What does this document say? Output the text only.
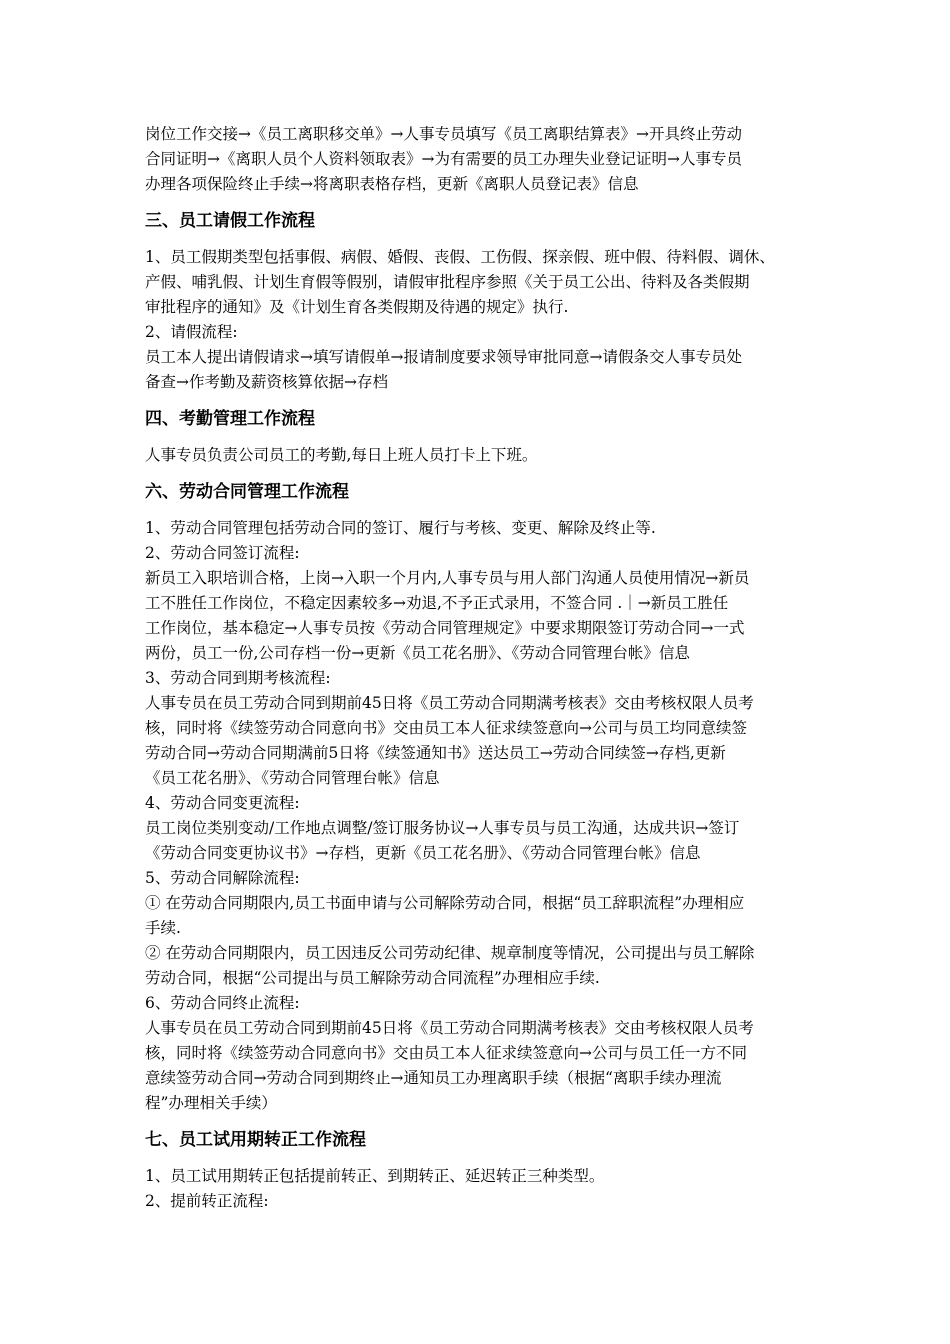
岗位工作交接→《员工离职移交单》→人事专员填写《员工离职结算表》→开具终止劳动

合同证明→《离职人员个人资料领取表》→为有需要的员工办理失业登记证明→人事专员

办理各项保险终止手续→将离职表格存档，更新《离职人员登记表》信息

三、员工请假工作流程

1、员工假期类型包括事假、病假、婚假、丧假、工伤假、探亲假、班中假、待料假、调休、

产假、哺乳假、计划生育假等假别，请假审批程序参照《关于员工公出、待料及各类假期

审批程序的通知》及《计划生育各类假期及待遇的规定》执行.

2、请假流程:

员工本人提出请假请求→填写请假单→报请制度要求领导审批同意→请假条交人事专员处

备查→作考勤及薪资核算依据→存档

四、考勤管理工作流程

人事专员负责公司员工的考勤,每日上班人员打卡上下班。

六、劳动合同管理工作流程

1、劳动合同管理包括劳动合同的签订、履行与考核、变更、解除及终止等.

2、劳动合同签订流程:

新员工入职培训合格，上岗→入职一个月内,人事专员与用人部门沟通人员使用情况→新员

工不胜任工作岗位，不稳定因素较多→劝退,不予正式录用，不签合同 .｜→新员工胜任

工作岗位，基本稳定→人事专员按《劳动合同管理规定》中要求期限签订劳动合同→一式

两份，员工一份,公司存档一份→更新《员工花名册》、《劳动合同管理台帐》信息

3、劳动合同到期考核流程:

人事专员在员工劳动合同到期前45日将《员工劳动合同期满考核表》交由考核权限人员考

核，同时将《续签劳动合同意向书》交由员工本人征求续签意向→公司与员工均同意续签

劳动合同→劳动合同期满前5日将《续签通知书》送达员工→劳动合同续签→存档,更新

《员工花名册》、《劳动合同管理台帐》信息

4、劳动合同变更流程:

员工岗位类别变动/工作地点调整/签订服务协议→人事专员与员工沟通，达成共识→签订

《劳动合同变更协议书》→存档，更新《员工花名册》、《劳动合同管理台帐》信息

5、劳动合同解除流程:

① 在劳动合同期限内,员工书面申请与公司解除劳动合同，根据“员工辞职流程”办理相应

手续.

② 在劳动合同期限内，员工因违反公司劳动纪律、规章制度等情况，公司提出与员工解除

劳动合同，根据“公司提出与员工解除劳动合同流程”办理相应手续.

6、劳动合同终止流程:

人事专员在员工劳动合同到期前45日将《员工劳动合同期满考核表》交由考核权限人员考

核，同时将《续签劳动合同意向书》交由员工本人征求续签意向→公司与员工任一方不同

意续签劳动合同→劳动合同到期终止→通知员工办理离职手续（根据“离职手续办理流

程”办理相关手续）

七、员工试用期转正工作流程

1、员工试用期转正包括提前转正、到期转正、延迟转正三种类型。

2、提前转正流程:
